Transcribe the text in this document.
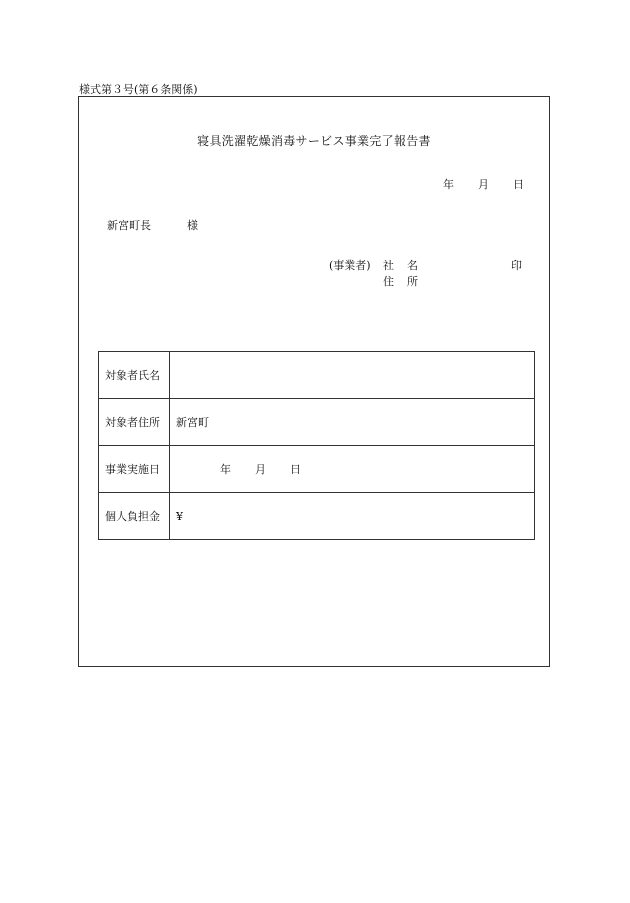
様式第３号(第６条関係)
寝具洗濯乾燥消毒サービス事業完了報告書
年 月 日
新宮町長	様
(事業者) 社 名	印
住 所
対象者氏名	
対象者住所	新宮町
事業実施日	年 月 日
個人負担金	¥
